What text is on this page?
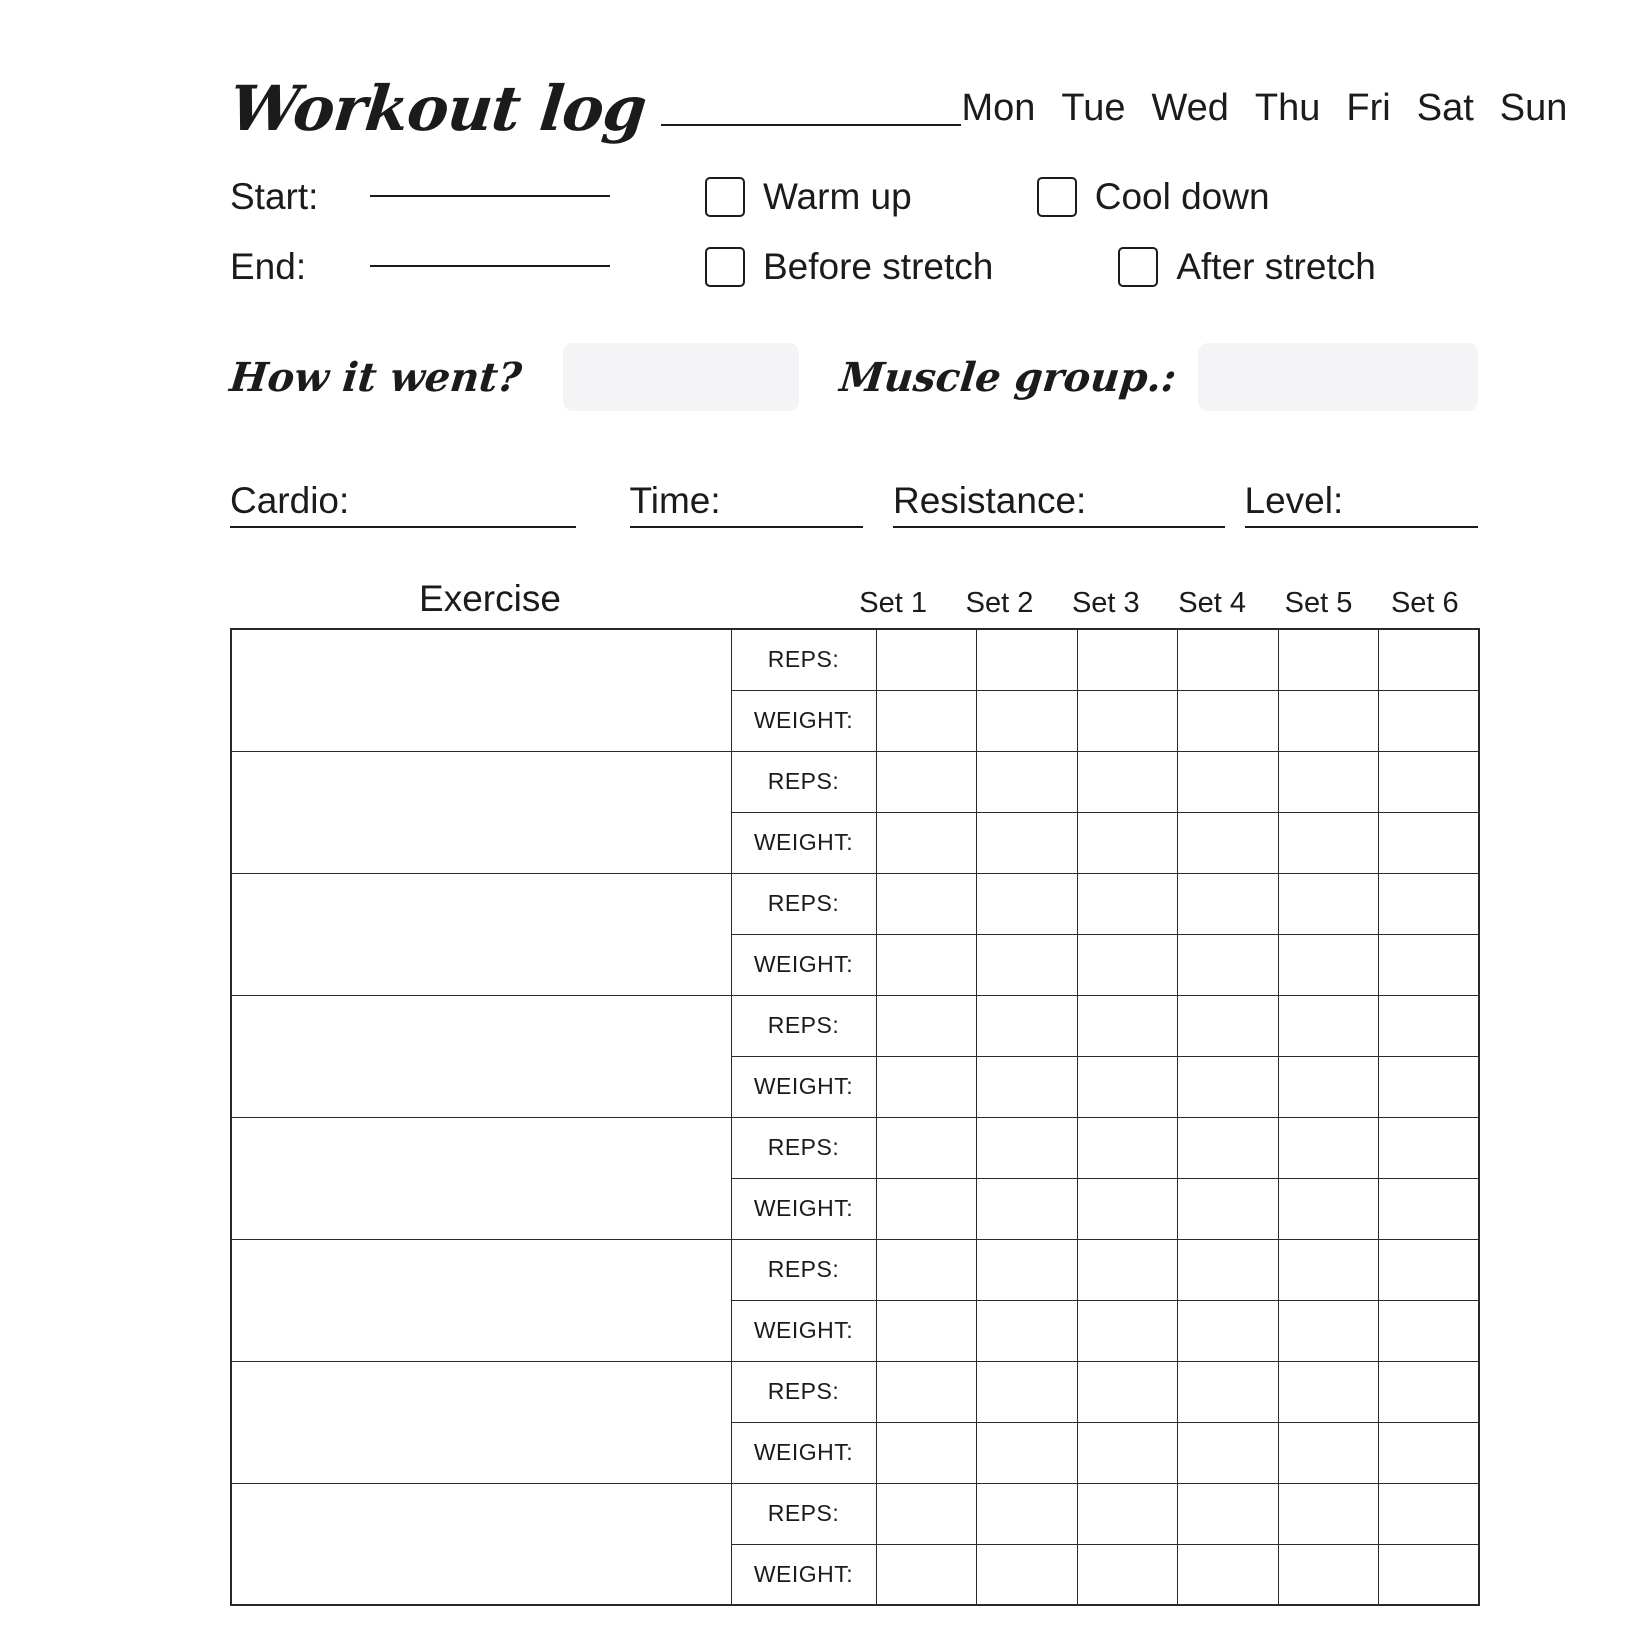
Workout log	Mon Tue Wed Thu Fri Sat Sun
Start:	Warm up	Cool down
End:	Before stretch	After stretch
How it went?	Muscle group.:
Cardio:	Time:	Resistance:	Level:
Exercise	Set 1	Set 2	Set 3	Set 4	Set 5	Set 6
	REPS:						
	WEIGHT:						
	REPS:						
	WEIGHT:						
	REPS:						
	WEIGHT:						
	REPS:						
	WEIGHT:						
	REPS:						
	WEIGHT:						
	REPS:						
	WEIGHT:						
	REPS:						
	WEIGHT:						
	REPS:						
	WEIGHT:						
